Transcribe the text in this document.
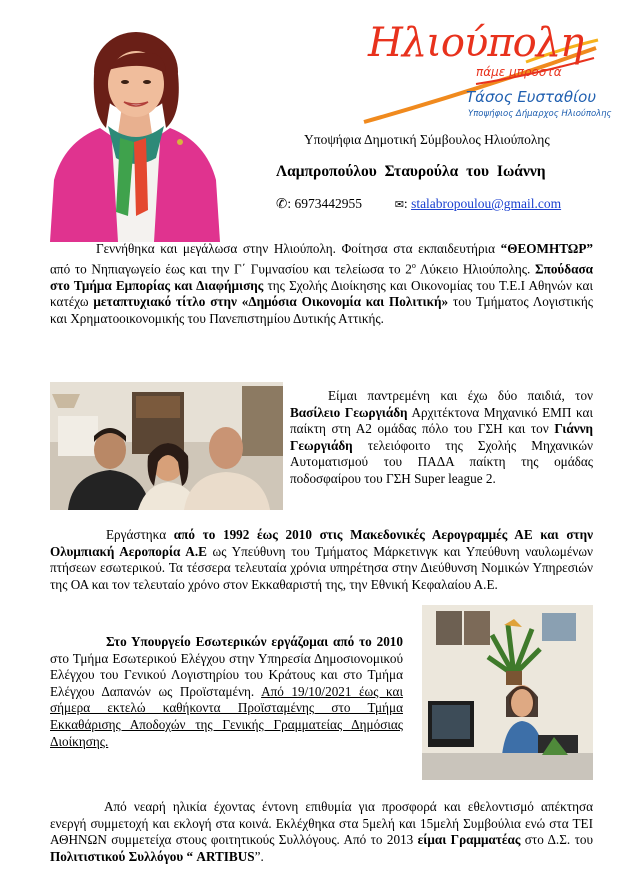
Ηλιούπολη
πάμε μπροστά
Τάσος Ευσταθίου
Υποψήφιος Δήμαρχος Ηλιούπολης

Υποψήφια Δημοτική Σύμβουλος Ηλιούπολης

Λαμπροπούλου Σταυρούλα του Ιωάννη

✆: 6973442955	✉: stalabropoulou@gmail.com

Γεννήθηκα και μεγάλωσα στην Ηλιούπολη. Φοίτησα στα εκπαιδευτήρια “ΘΕΟΜΗΤΩΡ” από το Νηπιαγωγείο έως και την Γ΄ Γυμνασίου και τελείωσα το $2^o$ Λύκειο Ηλιούπολης. Σπούδασα στο Τμήμα Εμπορίας και Διαφήμισης της Σχολής Διοίκησης και Οικονομίας του Τ.Ε.Ι Αθηνών και κατέχω μεταπτυχιακό τίτλο στην «Δημόσια Οικονομία και Πολιτική» του Τμήματος Λογιστικής και Χρηματοοικονομικής του Πανεπιστημίου Δυτικής Αττικής.

Είμαι παντρεμένη και έχω δύο παιδιά, τον Βασίλειο Γεωργιάδη Αρχιτέκτονα Μηχανικό ΕΜΠ και παίκτη στη Α2 ομάδας πόλο του ΓΣΗ και τον Γιάννη Γεωργιάδη τελειόφοιτο της Σχολής Μηχανικών Αυτοματισμού του ΠΑΔΑ παίκτη της ομάδας ποδοσφαίρου του ΓΣΗ Super league 2.

Εργάστηκα από το 1992 έως 2010 στις Μακεδονικές Αερογραμμές ΑΕ και στην Ολυμπιακή Αεροπορία Α.Ε ως Υπεύθυνη του Τμήματος Μάρκετινγκ και Υπεύθυνη ναυλωμένων πτήσεων εσωτερικού. Τα τέσσερα τελευταία χρόνια υπηρέτησα στην Διεύθυνση Νομικών Υπηρεσιών της ΟΑ και τον τελευταίο χρόνο στον Εκκαθαριστή της, την Εθνική Κεφαλαίου Α.Ε.

Στο Υπουργείο Εσωτερικών εργάζομαι από το 2010 στο Τμήμα Εσωτερικού Ελέγχου στην Υπηρεσία Δημοσιονομικού Ελέγχου του Γενικού Λογιστηρίου του Κράτους και στο Τμήμα Ελέγχου Δαπανών ως Προϊσταμένη. Από 19/10/2021 έως και σήμερα εκτελώ καθήκοντα Προϊσταμένης στο Τμήμα Εκκαθάρισης Αποδοχών της Γενικής Γραμματείας Δημόσιας Διοίκησης.

Από νεαρή ηλικία έχοντας έντονη επιθυμία για προσφορά και εθελοντισμό απέκτησα ενεργή συμμετοχή και εκλογή στα κοινά. Εκλέχθηκα στα 5μελή και 15μελή Συμβούλια ενώ στα ΤΕΙ ΑΘΗΝΩΝ συμμετείχα στους φοιτητικούς Συλλόγους. Από το 2013 είμαι Γραμματέας στο Δ.Σ. του Πολιτιστικού Συλλόγου “ ARTIBUS”.
